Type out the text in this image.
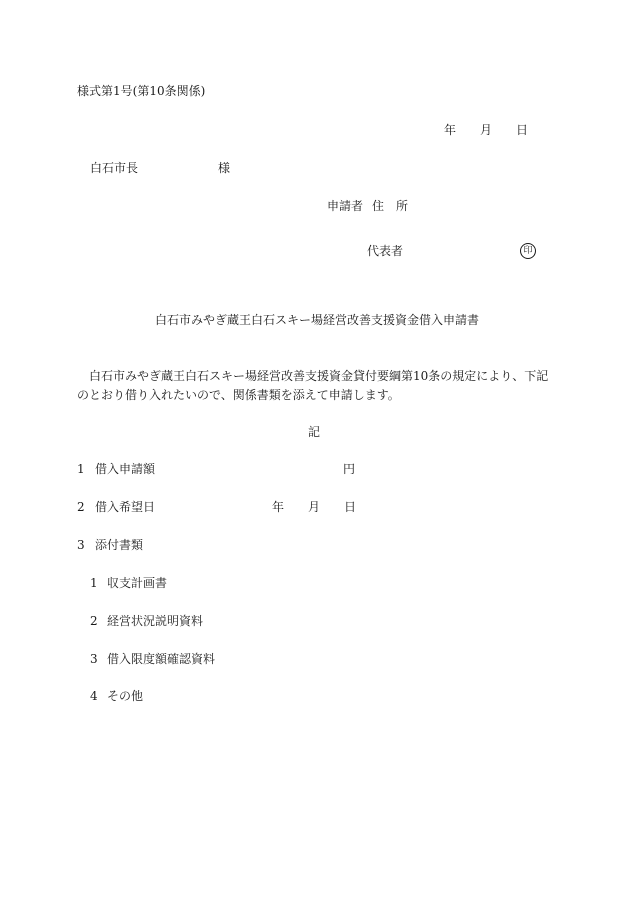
様式第1号(第10条関係)
年 月 日
白石市長	様
申請者 住　所
代表者	印
白石市みやぎ蔵王白石スキー場経営改善支援資金借入申請書
白石市みやぎ蔵王白石スキー場経営改善支援資金貸付要綱第10条の規定により、下記のとおり借り入れたいので、関係書類を添えて申請します。
記
1 借入申請額	円
2 借入希望日	年 月 日
3 添付書類
1 収支計画書
2 経営状況説明資料
3 借入限度額確認資料
4 その他
